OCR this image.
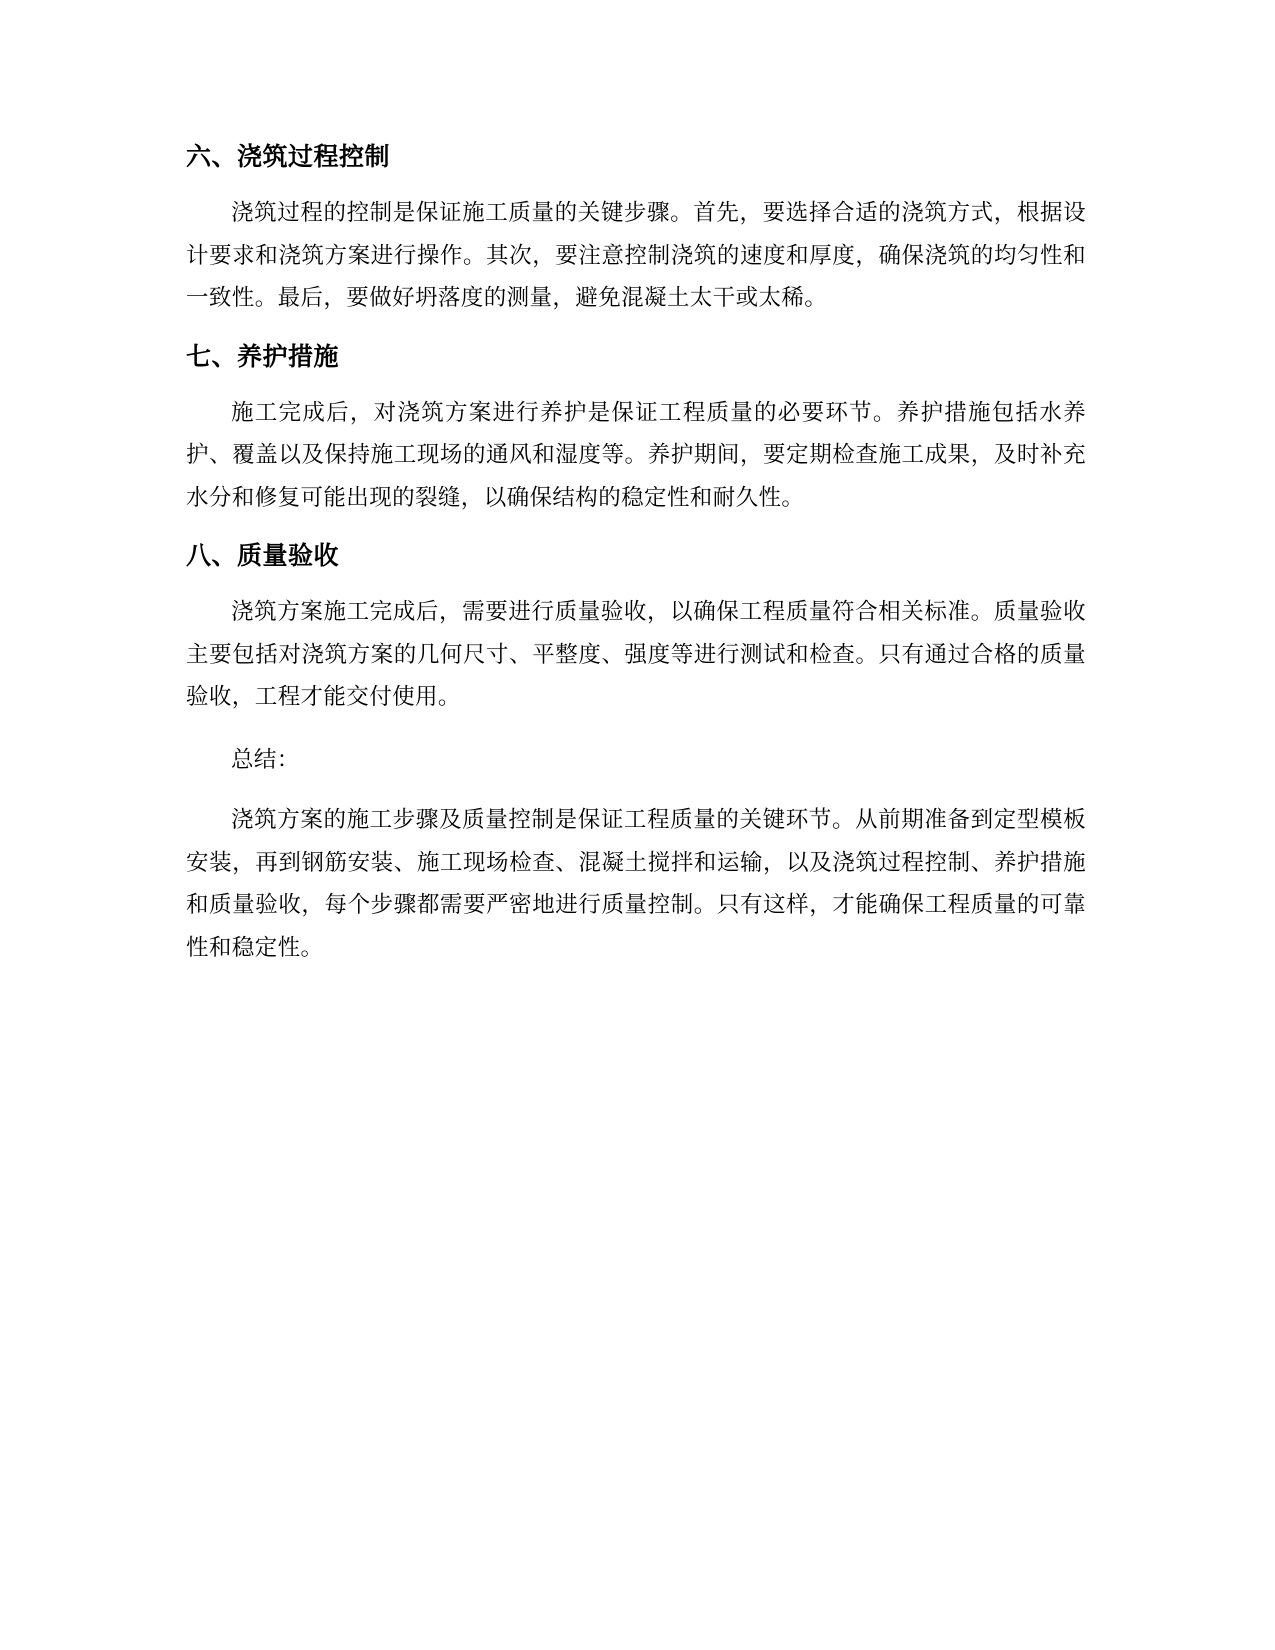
六、浇筑过程控制

浇筑过程的控制是保证施工质量的关键步骤。首先，要选择合适的浇筑方式，根据设计要求和浇筑方案进行操作。其次，要注意控制浇筑的速度和厚度，确保浇筑的均匀性和一致性。最后，要做好坍落度的测量，避免混凝土太干或太稀。

七、养护措施

施工完成后，对浇筑方案进行养护是保证工程质量的必要环节。养护措施包括水养护、覆盖以及保持施工现场的通风和湿度等。养护期间，要定期检查施工成果，及时补充水分和修复可能出现的裂缝，以确保结构的稳定性和耐久性。

八、质量验收

浇筑方案施工完成后，需要进行质量验收，以确保工程质量符合相关标准。质量验收主要包括对浇筑方案的几何尺寸、平整度、强度等进行测试和检查。只有通过合格的质量验收，工程才能交付使用。

总结：

浇筑方案的施工步骤及质量控制是保证工程质量的关键环节。从前期准备到定型模板安装，再到钢筋安装、施工现场检查、混凝土搅拌和运输，以及浇筑过程控制、养护措施和质量验收，每个步骤都需要严密地进行质量控制。只有这样，才能确保工程质量的可靠性和稳定性。
